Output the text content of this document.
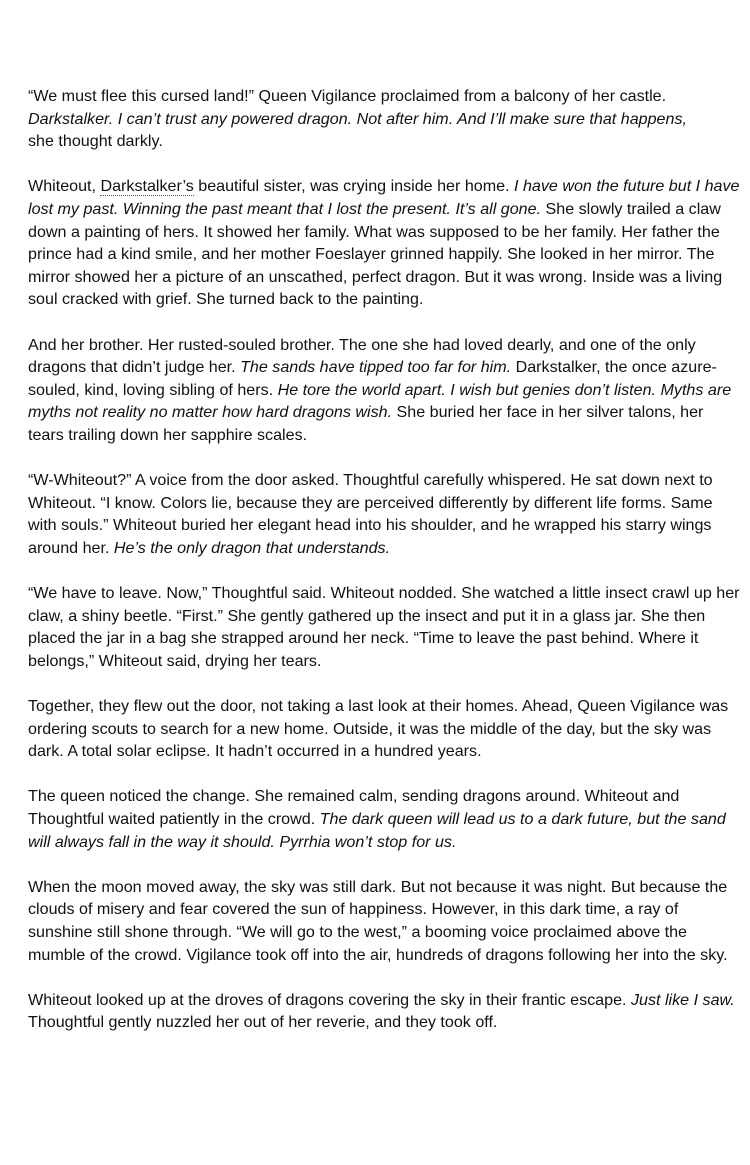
“We must flee this cursed land!” Queen Vigilance proclaimed from a balcony of her castle.
Darkstalker. I can’t trust any powered dragon. Not after him. And I’ll make sure that happens,
she thought darkly.

Whiteout, Darkstalker’s beautiful sister, was crying inside her home. I have won the future but I have lost my past. Winning the past meant that I lost the present. It’s all gone. She slowly trailed a claw down a painting of hers. It showed her family. What was supposed to be her family. Her father the prince had a kind smile, and her mother Foeslayer grinned happily. She looked in her mirror. The mirror showed her a picture of an unscathed, perfect dragon. But it was wrong. Inside was a living soul cracked with grief. She turned back to the painting.

And her brother. Her rusted-souled brother. The one she had loved dearly, and one of the only dragons that didn’t judge her. The sands have tipped too far for him. Darkstalker, the once azure-souled, kind, loving sibling of hers. He tore the world apart. I wish but genies don’t listen. Myths are myths not reality no matter how hard dragons wish. She buried her face in her silver talons, her tears trailing down her sapphire scales.

“W-Whiteout?” A voice from the door asked. Thoughtful carefully whispered. He sat down next to Whiteout. “I know. Colors lie, because they are perceived differently by different life forms. Same with souls.” Whiteout buried her elegant head into his shoulder, and he wrapped his starry wings around her. He’s the only dragon that understands.

“We have to leave. Now,” Thoughtful said. Whiteout nodded. She watched a little insect crawl up her claw, a shiny beetle. “First.” She gently gathered up the insect and put it in a glass jar. She then placed the jar in a bag she strapped around her neck. “Time to leave the past behind. Where it belongs,” Whiteout said, drying her tears.

Together, they flew out the door, not taking a last look at their homes. Ahead, Queen Vigilance was ordering scouts to search for a new home. Outside, it was the middle of the day, but the sky was dark. A total solar eclipse. It hadn’t occurred in a hundred years.

The queen noticed the change. She remained calm, sending dragons around. Whiteout and Thoughtful waited patiently in the crowd. The dark queen will lead us to a dark future, but the sand will always fall in the way it should. Pyrrhia won’t stop for us.

When the moon moved away, the sky was still dark. But not because it was night. But because the clouds of misery and fear covered the sun of happiness. However, in this dark time, a ray of sunshine still shone through. “We will go to the west,” a booming voice proclaimed above the mumble of the crowd. Vigilance took off into the air, hundreds of dragons following her into the sky.

Whiteout looked up at the droves of dragons covering the sky in their frantic escape. Just like I saw. Thoughtful gently nuzzled her out of her reverie, and they took off.
